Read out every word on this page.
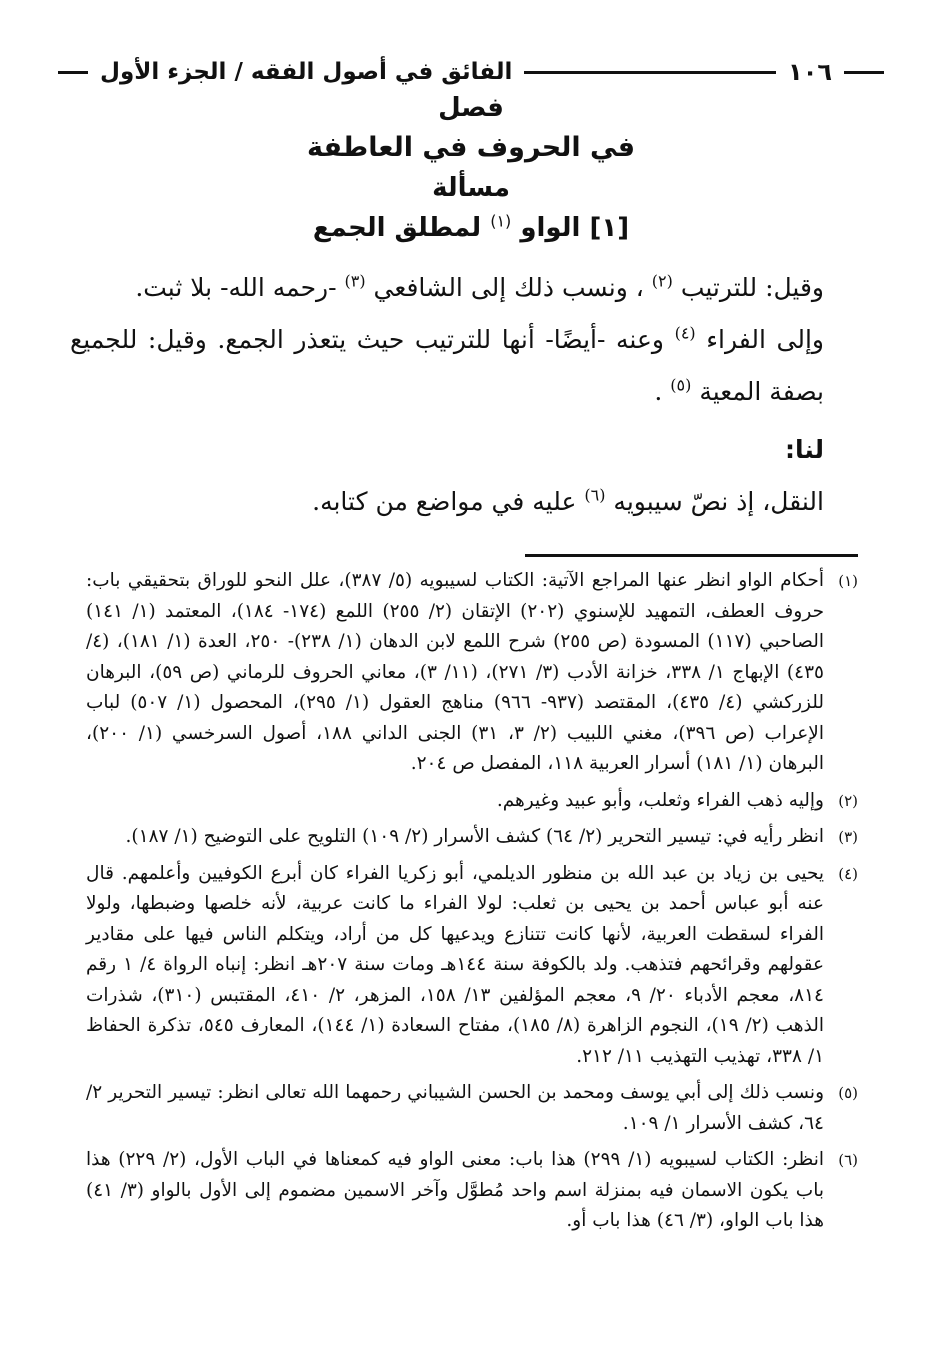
١٠٦
الفائق في أصول الفقه / الجزء الأول

فصل

في الحروف في العاطفة

مسألة

[١] الواو $^{(١)}$ لمطلق الجمع

وقيل: للترتيب $^{(٢)}$ ، ونسب ذلك إلى الشافعي $^{(٣)}$ -رحمه الله- بلا ثبت.

وإلى الفراء $^{(٤)}$ وعنه -أيضًا- أنها للترتيب حيث يتعذر الجمع. وقيل: للجميع بصفة المعية $^{(٥)}$ .

لنا:

النقل، إذ نصّ سيبويه $^{(٦)}$ عليه في مواضع من كتابه.

(١)
أحكام الواو انظر عنها المراجع الآتية: الكتاب لسيبويه (٥/ ٣٨٧)، علل النحو للوراق بتحقيقي باب: حروف العطف، التمهيد للإسنوي (٢٠٢) الإتقان (٢/ ٢٥٥) اللمع (١٧٤- ١٨٤)، المعتمد (١/ ١٤١) الصاحبي (١١٧) المسودة (ص ٢٥٥) شرح اللمع لابن الدهان (١/ ٢٣٨)- ٢٥٠، العدة (١/ ١٨١)، (٤/ ٤٣٥) الإبهاج ١/ ٣٣٨، خزانة الأدب (٣/ ٢٧١)، (١١/ ٣)، معاني الحروف للرماني (ص ٥٩)، البرهان للزركشي (٤/ ٤٣٥)، المقتصد (٩٣٧- ٩٦٦) مناهج العقول (١/ ٢٩٥)، المحصول (١/ ٥٠٧) لباب الإعراب (ص ٣٩٦)، مغني اللبيب (٢/ ٣، ٣١) الجنى الداني ١٨٨، أصول السرخسي (١/ ٢٠٠)، البرهان (١/ ١٨١) أسرار العربية ١١٨، المفصل ص ٢٠٤.
(٢)
وإليه ذهب الفراء وثعلب، وأبو عبيد وغيرهم.
(٣)
انظر رأيه في: تيسير التحرير (٢/ ٦٤) كشف الأسرار (٢/ ١٠٩) التلويح على التوضيح (١/ ١٨٧).
(٤)
يحيى بن زياد بن عبد الله بن منظور الديلمي، أبو زكريا الفراء كان أبرع الكوفيين وأعلمهم. قال عنه أبو عباس أحمد بن يحيى بن ثعلب: لولا الفراء ما كانت عربية، لأنه خلصها وضبطها، ولولا الفراء لسقطت العربية، لأنها كانت تتنازع ويدعيها كل من أراد، ويتكلم الناس فيها على مقادير عقولهم وقرائحهم فتذهب. ولد بالكوفة سنة ١٤٤هـ ومات سنة ٢٠٧هـ انظر: إنباه الرواة ٤/ ١ رقم ٨١٤، معجم الأدباء ٢٠/ ٩، معجم المؤلفين ١٣/ ١٥٨، المزهر، ٢/ ٤١٠، المقتبس (٣١٠)، شذرات الذهب (٢/ ١٩)، النجوم الزاهرة (٨/ ١٨٥)، مفتاح السعادة (١/ ١٤٤)، المعارف ٥٤٥، تذكرة الحفاظ ١/ ٣٣٨، تهذيب التهذيب ١١/ ٢١٢.
(٥)
ونسب ذلك إلى أبي يوسف ومحمد بن الحسن الشيباني رحمهما الله تعالى انظر: تيسير التحرير ٢/ ٦٤، كشف الأسرار ١/ ١٠٩.
(٦)
انظر: الكتاب لسيبويه (١/ ٢٩٩) هذا باب: معنى الواو فيه كمعناها في الباب الأول، (٢/ ٢٢٩) هذا باب يكون الاسمان فيه بمنزلة اسم واحد مُطوَّل وآخر الاسمين مضموم إلى الأول بالواو (٣/ ٤١) هذا باب الواو، (٣/ ٤٦) هذا باب أو.
